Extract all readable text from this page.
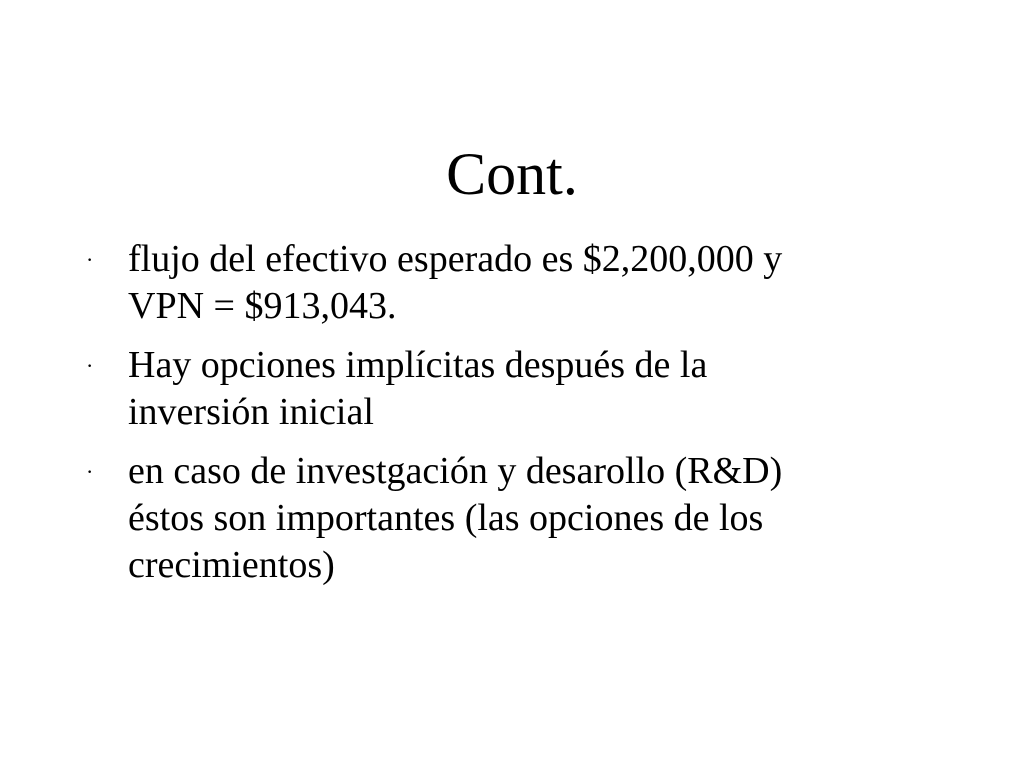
Cont.
· flujo del efectivo esperado es $2,200,000 y
VPN = $913,043.
· Hay opciones implícitas después de la
inversión inicial
· en caso de investgación y desarollo (R&D)
éstos son importantes (las opciones de los
crecimientos)
